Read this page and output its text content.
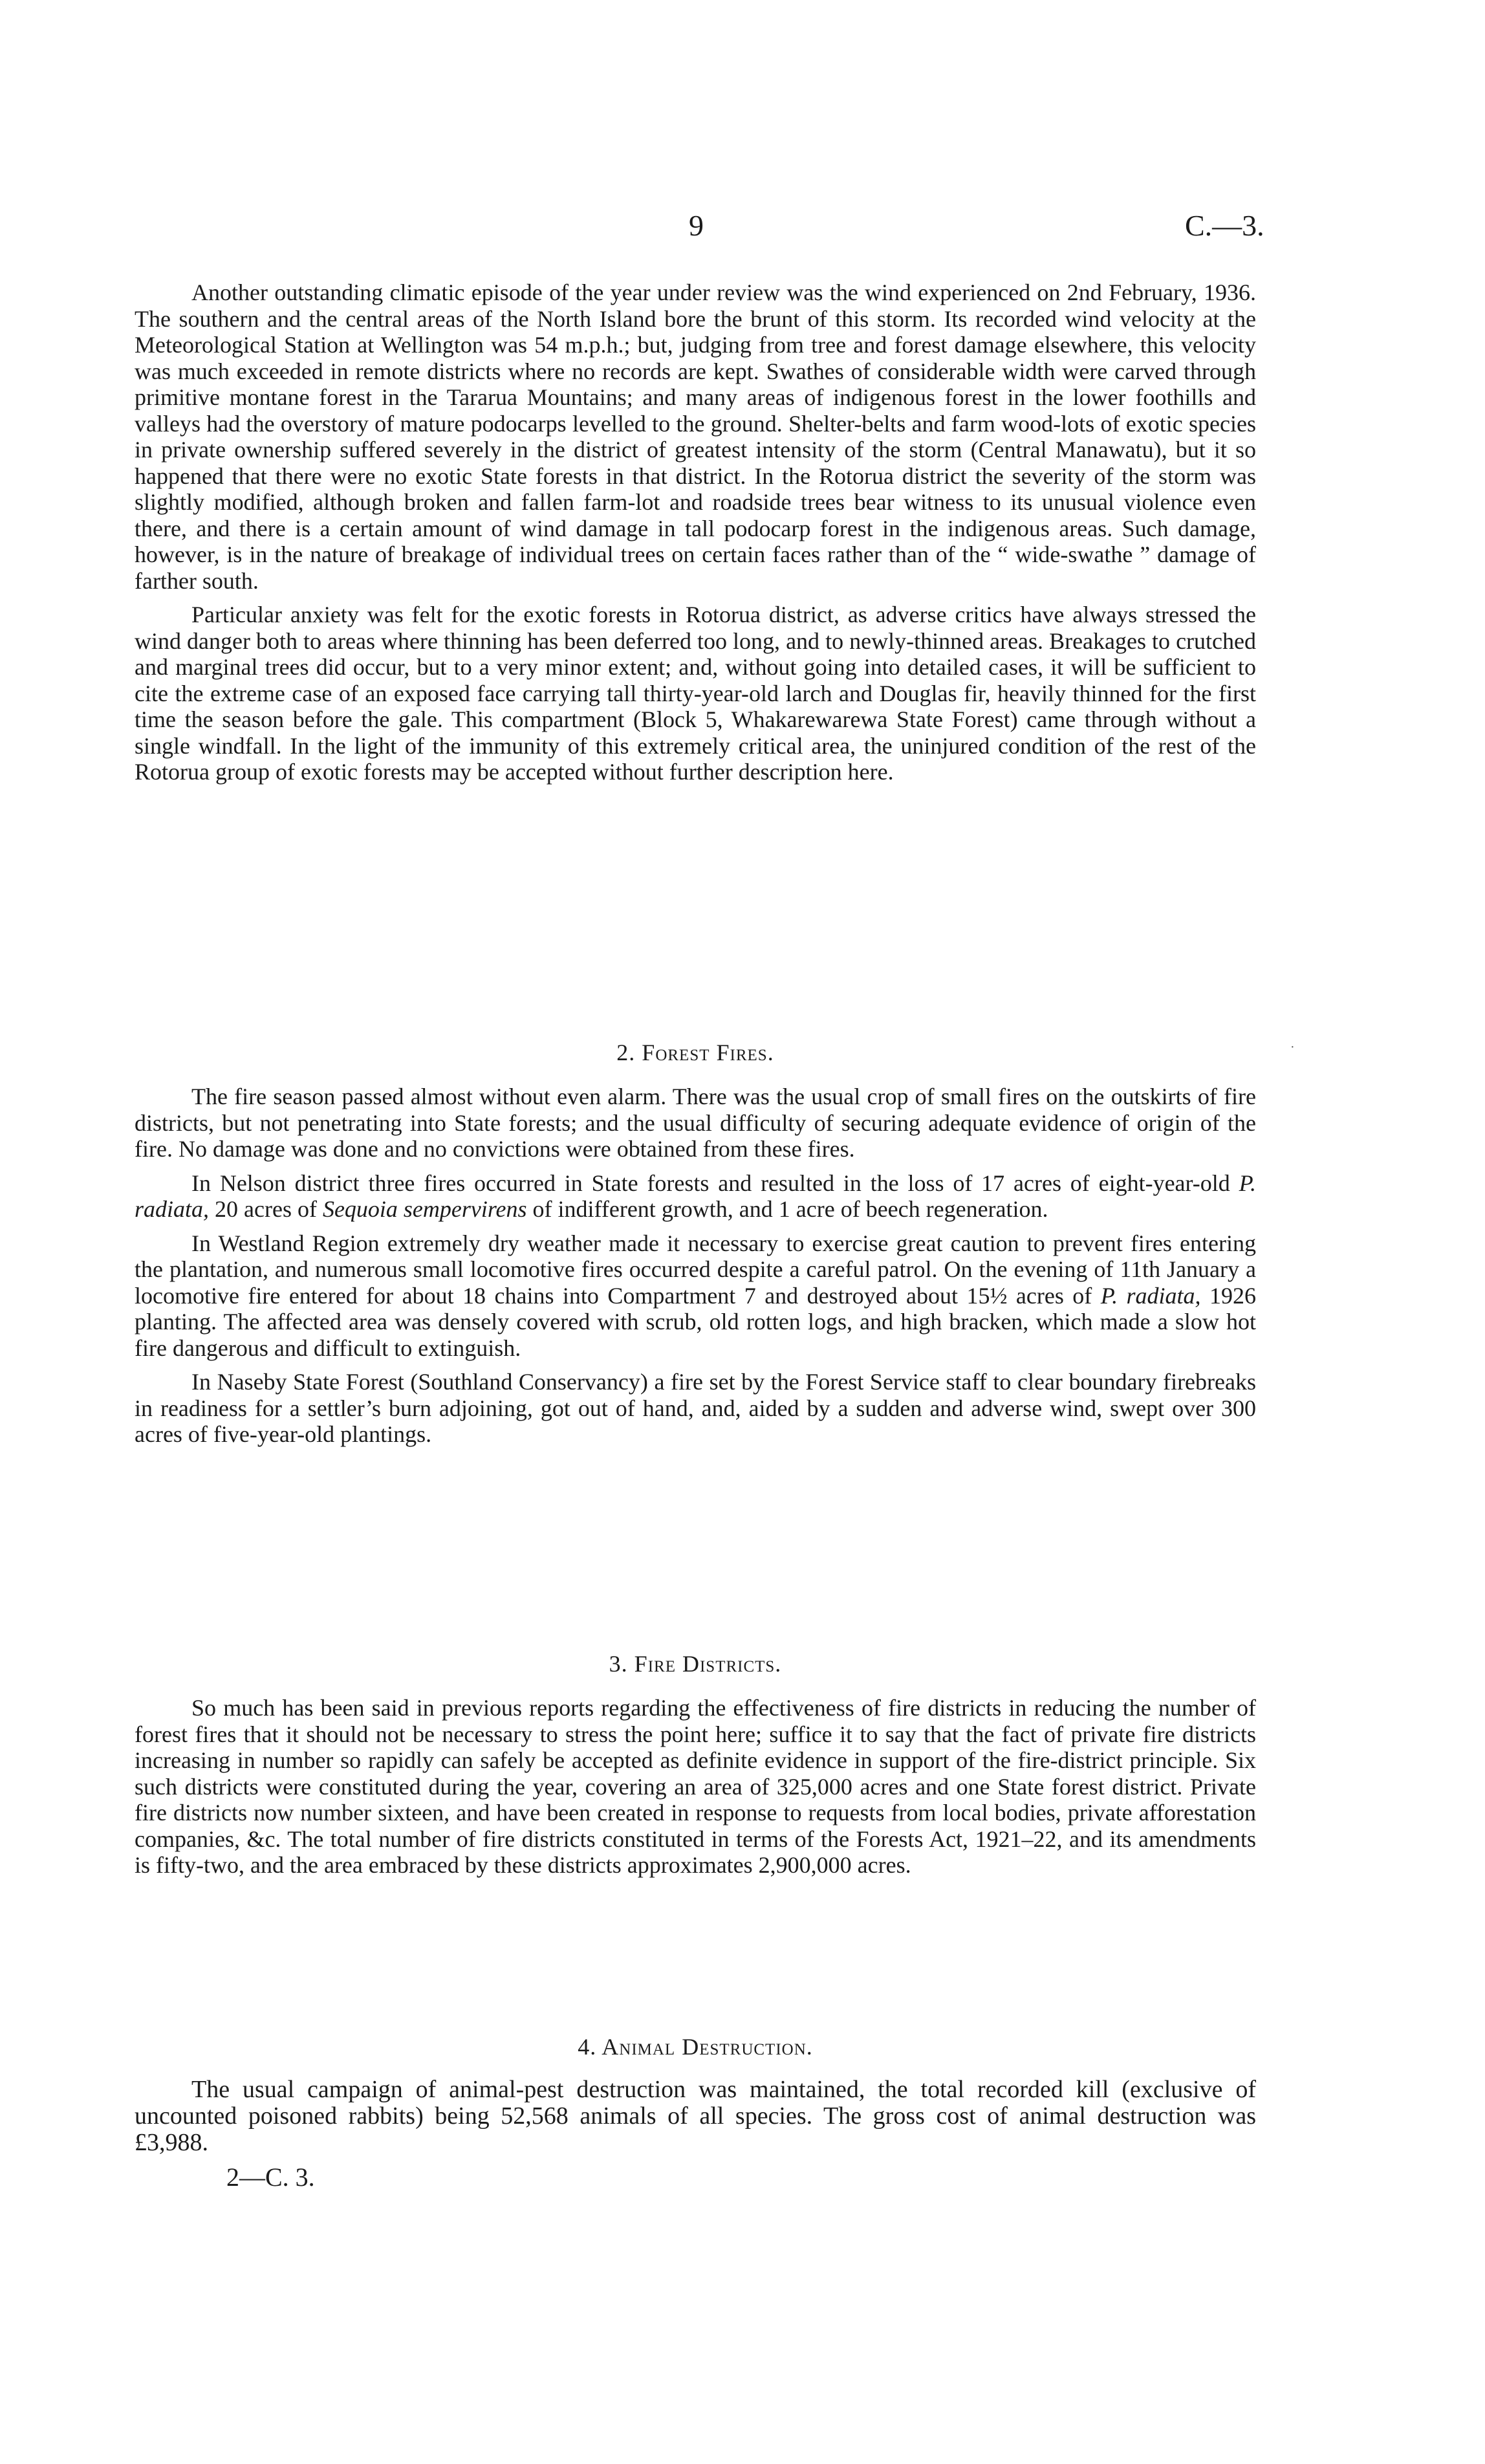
9	C.—3.

Another outstanding climatic episode of the year under review was the wind experienced on 2nd February, 1936. The southern and the central areas of the North Island bore the brunt of this storm. Its recorded wind velocity at the Meteorological Station at Wellington was 54 m.p.h.; but, judging from tree and forest damage elsewhere, this velocity was much exceeded in remote districts where no records are kept. Swathes of considerable width were carved through primitive montane forest in the Tararua Mountains; and many areas of indigenous forest in the lower foothills and valleys had the overstory of mature podocarps levelled to the ground. Shelter-belts and farm wood-lots of exotic species in private ownership suffered severely in the district of greatest intensity of the storm (Central Manawatu), but it so happened that there were no exotic State forests in that district. In the Rotorua district the severity of the storm was slightly modified, although broken and fallen farm-lot and roadside trees bear witness to its unusual violence even there, and there is a certain amount of wind damage in tall podocarp forest in the indigenous areas. Such damage, however, is in the nature of breakage of individual trees on certain faces rather than of the “ wide-swathe ” damage of farther south.

Particular anxiety was felt for the exotic forests in Rotorua district, as adverse critics have always stressed the wind danger both to areas where thinning has been deferred too long, and to newly-thinned areas. Breakages to crutched and marginal trees did occur, but to a very minor extent; and, without going into detailed cases, it will be sufficient to cite the extreme case of an exposed face carrying tall thirty-year-old larch and Douglas fir, heavily thinned for the first time the season before the gale. This compartment (Block 5, Whakarewarewa State Forest) came through without a single windfall. In the light of the immunity of this extremely critical area, the uninjured condition of the rest of the Rotorua group of exotic forests may be accepted without further description here.

2. Forest Fires.	·

The fire season passed almost without even alarm. There was the usual crop of small fires on the outskirts of fire districts, but not penetrating into State forests; and the usual difficulty of securing adequate evidence of origin of the fire. No damage was done and no convictions were obtained from these fires.

In Nelson district three fires occurred in State forests and resulted in the loss of 17 acres of eight-year-old P. radiata, 20 acres of Sequoia sempervirens of indifferent growth, and 1 acre of beech regeneration.

In Westland Region extremely dry weather made it necessary to exercise great caution to prevent fires entering the plantation, and numerous small locomotive fires occurred despite a careful patrol. On the evening of 11th January a locomotive fire entered for about 18 chains into Compartment 7 and destroyed about 15½ acres of P. radiata, 1926 planting. The affected area was densely covered with scrub, old rotten logs, and high bracken, which made a slow hot fire dangerous and difficult to extinguish.

In Naseby State Forest (Southland Conservancy) a fire set by the Forest Service staff to clear boundary firebreaks in readiness for a settler’s burn adjoining, got out of hand, and, aided by a sudden and adverse wind, swept over 300 acres of five-year-old plantings.

3. Fire Districts.

So much has been said in previous reports regarding the effectiveness of fire districts in reducing the number of forest fires that it should not be necessary to stress the point here; suffice it to say that the fact of private fire districts increasing in number so rapidly can safely be accepted as definite evidence in support of the fire-district principle. Six such districts were constituted during the year, covering an area of 325,000 acres and one State forest district. Private fire districts now number sixteen, and have been created in response to requests from local bodies, private afforestation companies, &c. The total number of fire districts constituted in terms of the Forests Act, 1921–22, and its amendments is fifty-two, and the area embraced by these districts approximates 2,900,000 acres.

4. Animal Destruction.

The usual campaign of animal-pest destruction was maintained, the total recorded kill (exclusive of uncounted poisoned rabbits) being 52,568 animals of all species. The gross cost of animal destruction was £3,988.

2—C. 3.
